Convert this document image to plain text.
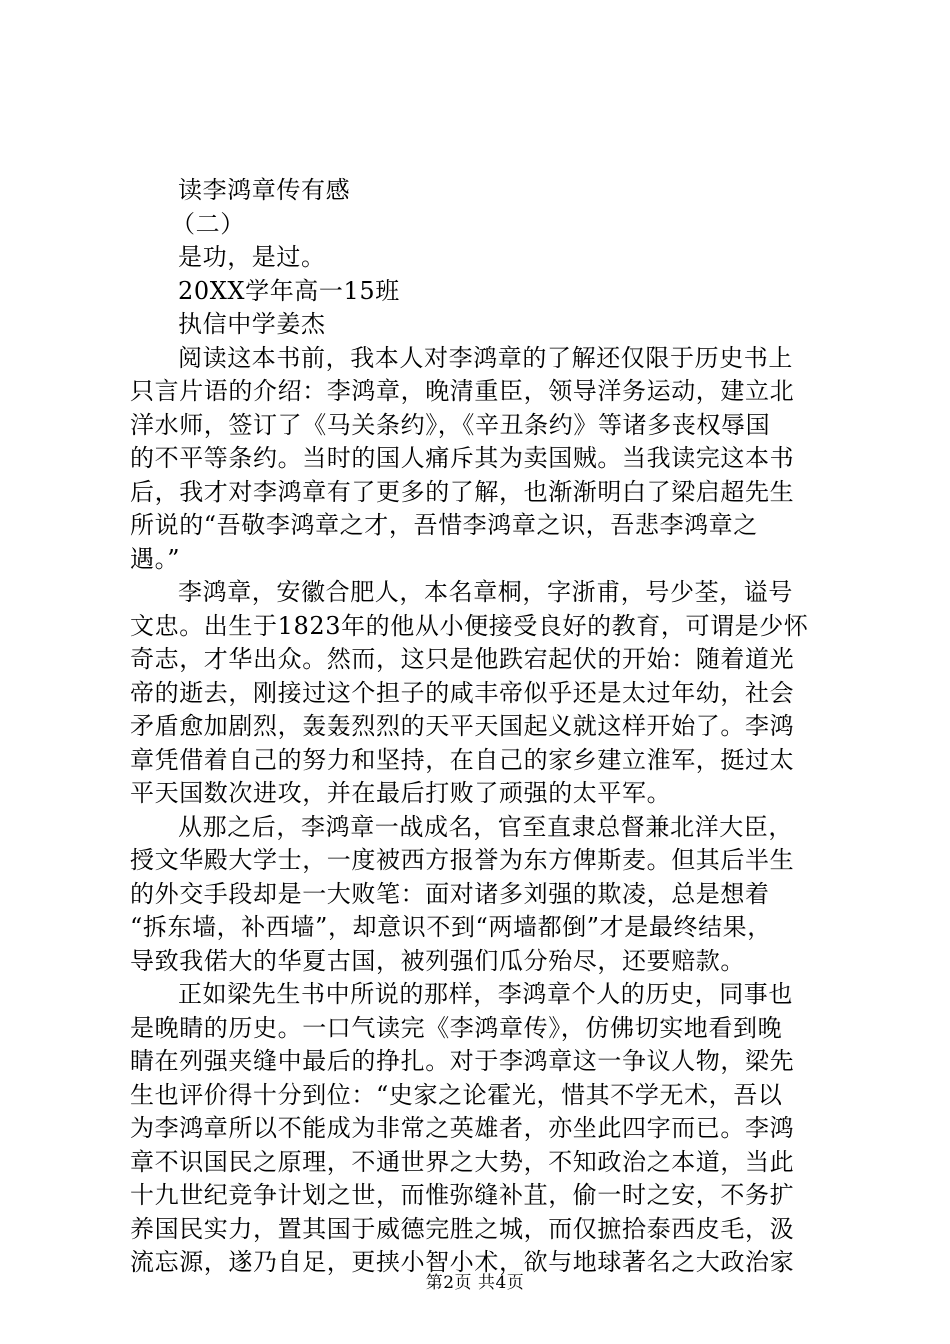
读李鸿章传有感
（二）
是功，是过。
20XX学年高一15班
执信中学姜杰
阅读这本书前，我本人对李鸿章的了解还仅限于历史书上
只言片语的介绍：李鸿章，晚清重臣，领导洋务运动，建立北
洋水师，签订了《马关条约》，《辛丑条约》等诸多丧权辱国
的不平等条约。当时的国人痛斥其为卖国贼。当我读完这本书
后，我才对李鸿章有了更多的了解，也渐渐明白了梁启超先生
所说的“吾敬李鸿章之才，吾惜李鸿章之识，吾悲李鸿章之
遇。”
李鸿章，安徽合肥人，本名章桐，字浙甫，号少荃，谥号
文忠。出生于1823年的他从小便接受良好的教育，可谓是少怀
奇志，才华出众。然而，这只是他跌宕起伏的开始：随着道光
帝的逝去，刚接过这个担子的咸丰帝似乎还是太过年幼，社会
矛盾愈加剧烈，轰轰烈烈的天平天国起义就这样开始了。李鸿
章凭借着自己的努力和坚持，在自己的家乡建立淮军，挺过太
平天国数次进攻，并在最后打败了顽强的太平军。
从那之后，李鸿章一战成名，官至直隶总督兼北洋大臣，
授文华殿大学士，一度被西方报誉为东方俾斯麦。但其后半生
的外交手段却是一大败笔：面对诸多刘强的欺凌，总是想着
“拆东墙，补西墙”，却意识不到“两墙都倒”才是最终结果，
导致我偌大的华夏古国，被列强们瓜分殆尽，还要赔款。
正如梁先生书中所说的那样，李鸿章个人的历史，同事也
是晚睛的历史。一口气读完《李鸿章传》，仿佛切实地看到晚
睛在列强夹缝中最后的挣扎。对于李鸿章这一争议人物，梁先
生也评价得十分到位：“史家之论霍光，惜其不学无术，吾以
为李鸿章所以不能成为非常之英雄者，亦坐此四字而已。李鸿
章不识国民之原理，不通世界之大势，不知政治之本道，当此
十九世纪竞争计划之世，而惟弥缝补苴，偷一时之安，不务扩
养国民实力，置其国于威德完胜之城，而仅摭拾泰西皮毛，汲
流忘源，遂乃自足，更挟小智小术，欲与地球著名之大政治家
第2页 共4页
